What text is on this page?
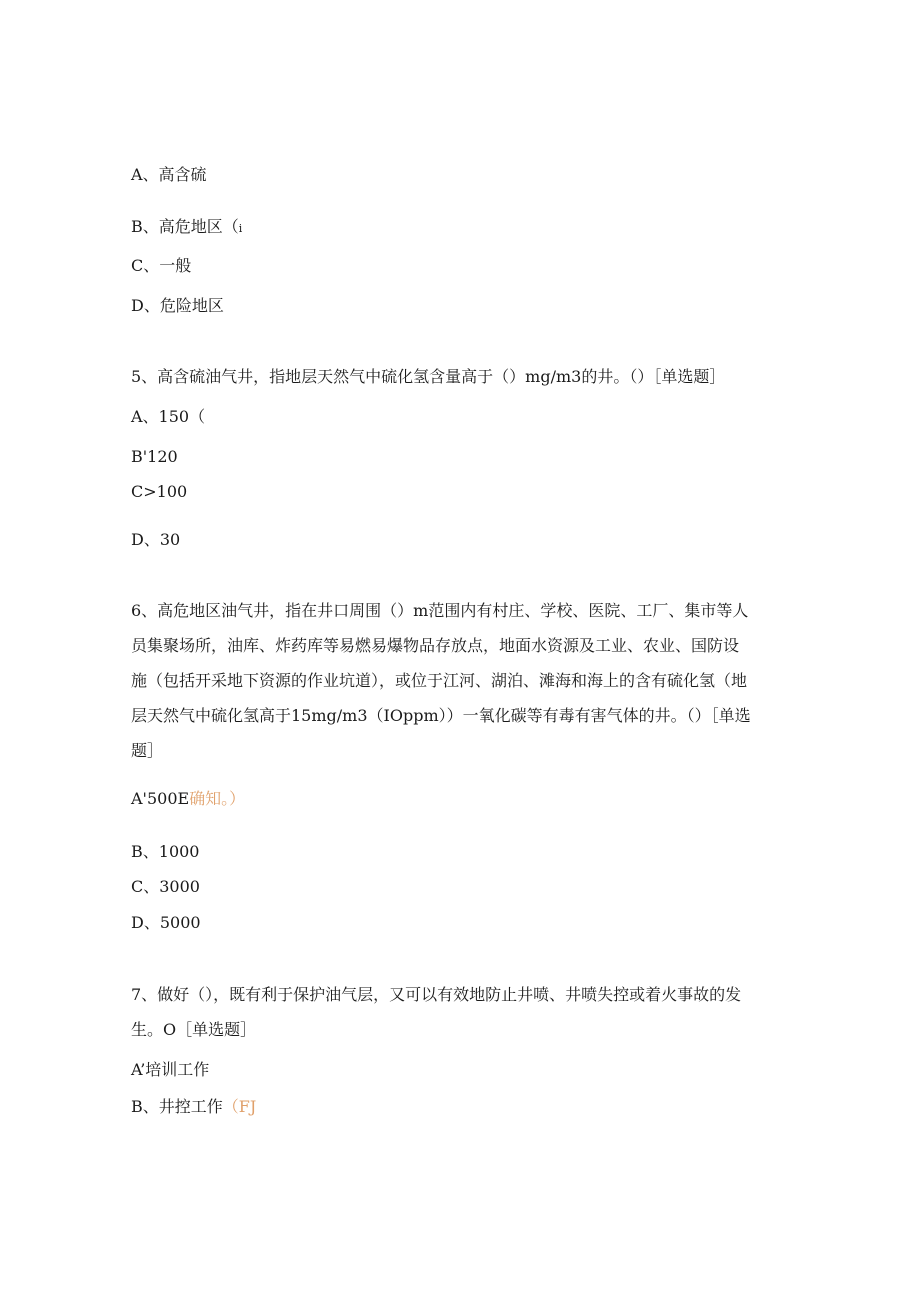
A、高含硫
B、高危地区（i
C、一般
D、危险地区
5、高含硫油气井，指地层天然气中硫化氢含量高于（）mg/m3的井。（）［单选题］
A、150（
B'120
C>100
D、30
6、高危地区油气井，指在井口周围（）m范围内有村庄、学校、医院、工厂、集市等人
员集聚场所，油库、炸药库等易燃易爆物品存放点，地面水资源及工业、农业、国防设
施（包括开采地下资源的作业坑道），或位于江河、湖泊、滩海和海上的含有硫化氢（地
层天然气中硫化氢高于15mg/m3（IOppm））一氧化碳等有毒有害气体的井。（）［单选
题］
A'500E确知。）
B、1000
C、3000
D、5000
7、做好（），既有利于保护油气层，又可以有效地防止井喷、井喷失控或着火事故的发
生。O［单选题］
A’培训工作
B、井控工作（FJ
